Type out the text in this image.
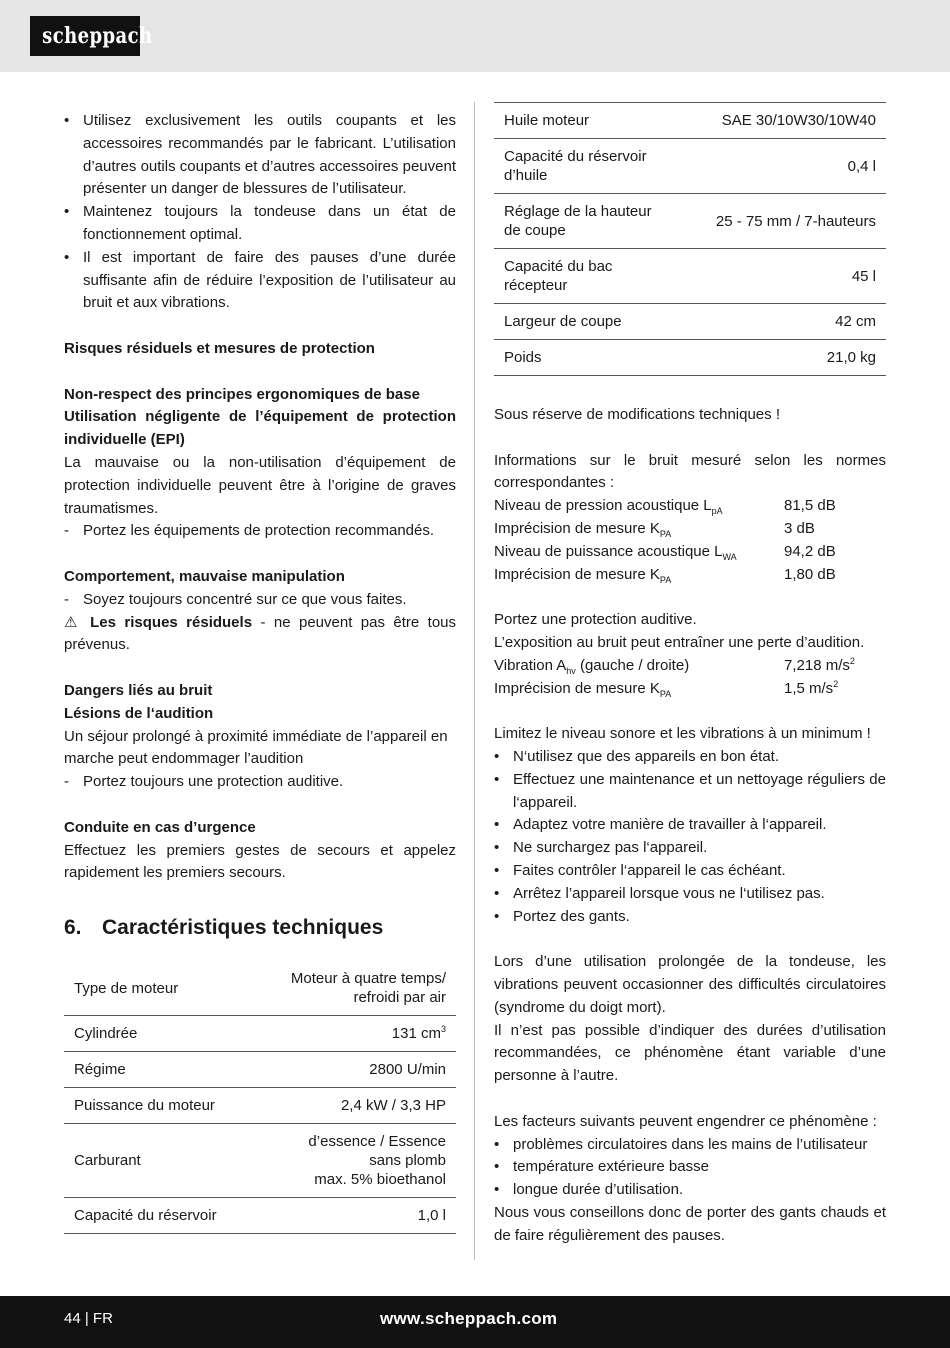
scheppach
• Utilisez exclusivement les outils coupants et les accessoires recommandés par le fabricant. L’utilisation d’autres outils coupants et d’autres accessoires peuvent présenter un danger de blessures de l’utilisateur.
• Maintenez toujours la tondeuse dans un état de fonctionnement optimal.
• Il est important de faire des pauses d’une durée suffisante afin de réduire l’exposition de l’utilisateur au bruit et aux vibrations.

Risques résiduels et mesures de protection

Non-respect des principes ergonomiques de base

Utilisation négligente de l’équipement de protection individuelle (EPI)

La mauvaise ou la non-utilisation d’équipement de protection individuelle peuvent être à l’origine de graves traumatismes.

- Portez les équipements de protection recommandés.

Comportement, mauvaise manipulation

- Soyez toujours concentré sur ce que vous faites.

⚠ Les risques résiduels - ne peuvent pas être tous prévenus.

Dangers liés au bruit

Lésions de l‘audition

Un séjour prolongé à proximité immédiate de l’appareil en marche peut endommager l’audition

- Portez toujours une protection auditive.

Conduite en cas d’urgence

Effectuez les premiers gestes de secours et appelez rapidement les premiers secours.

6. Caractéristiques techniques
Type de moteur	Moteur à quatre temps/
refroidi par air
Cylindrée	131 $cm^3$
Régime	2800 U/min
Puissance du moteur	2,4 kW / 3,3 HP
Carburant	d’essence / Essence
sans plomb
max. 5% bioethanol
Capacité du réservoir	1,0 l
Huile moteur	SAE 30/10W30/10W40
Capacité du réservoir
d’huile	0,4 l
Réglage de la hauteur
de coupe	25 - 75 mm / 7-hauteurs
Capacité du bac
récepteur	45 l
Largeur de coupe	42 cm
Poids	21,0 kg

Sous réserve de modifications techniques !

Informations sur le bruit mesuré selon les normes correspondantes :

Niveau de pression acoustique $L_{pA}$	81,5 dB
Imprécision de mesure $K_{PA}$	3 dB
Niveau de puissance acoustique $L_{WA}$	94,2 dB
Imprécision de mesure $K_{PA}$	1,80 dB

Portez une protection auditive.

L’exposition au bruit peut entraîner une perte d’audition.

Vibration $A_{hv}$ (gauche / droite)	7,218 $m/s^2$
Imprécision de mesure $K_{PA}$	1,5 $m/s^2$

Limitez le niveau sonore et les vibrations à un minimum !

• N‘utilisez que des appareils en bon état.
• Effectuez une maintenance et un nettoyage réguliers de l‘appareil.
• Adaptez votre manière de travailler à l‘appareil.
• Ne surchargez pas l‘appareil.
• Faites contrôler l‘appareil le cas échéant.
• Arrêtez l’appareil lorsque vous ne l‘utilisez pas.
• Portez des gants.

Lors d’une utilisation prolongée de la tondeuse, les vibrations peuvent occasionner des difficultés circulatoires (syndrome du doigt mort).

Il n’est pas possible d’indiquer des durées d’utilisation recommandées, ce phénomène étant variable d’une personne à l’autre.

Les facteurs suivants peuvent engendrer ce phénomène :

• problèmes circulatoires dans les mains de l’utilisateur
• température extérieure basse
• longue durée d’utilisation.

Nous vous conseillons donc de porter des gants chauds et de faire régulièrement des pauses.

44 | FR	www.scheppach.com
